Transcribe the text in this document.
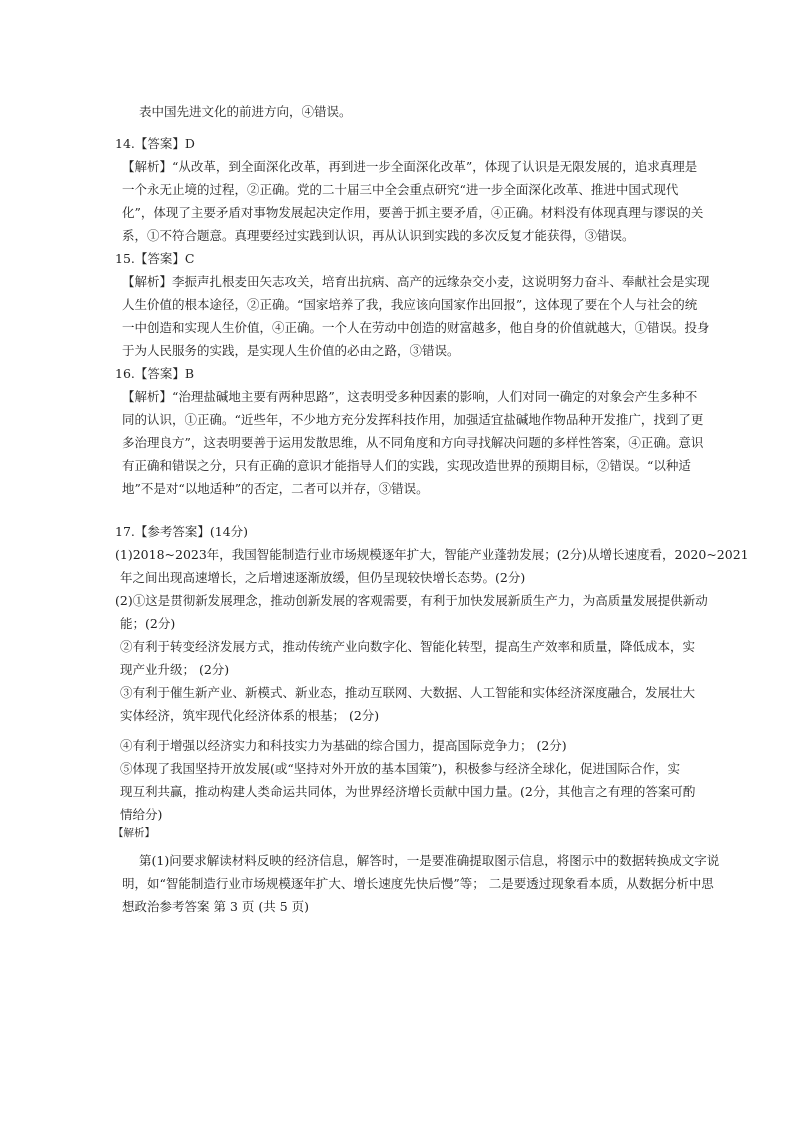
表中国先进文化的前进方向，④错误。
14.【答案】D
【解析】“从改革，到全面深化改革，再到进一步全面深化改革”，体现了认识是无限发展的，追求真理是
一个永无止境的过程，②正确。党的二十届三中全会重点研究“进一步全面深化改革、推进中国式现代
化”，体现了主要矛盾对事物发展起决定作用，要善于抓主要矛盾，④正确。材料没有体现真理与谬误的关
系，①不符合题意。真理要经过实践到认识，再从认识到实践的多次反复才能获得，③错误。
15.【答案】C
【解析】李振声扎根麦田矢志攻关，培育出抗病、高产的远缘杂交小麦，这说明努力奋斗、奉献社会是实现
人生价值的根本途径，②正确。“国家培养了我，我应该向国家作出回报”，这体现了要在个人与社会的统
一中创造和实现人生价值，④正确。一个人在劳动中创造的财富越多，他自身的价值就越大，①错误。投身
于为人民服务的实践，是实现人生价值的必由之路，③错误。
16.【答案】B
【解析】“治理盐碱地主要有两种思路”，这表明受多种因素的影响，人们对同一确定的对象会产生多种不
同的认识，①正确。“近些年，不少地方充分发挥科技作用，加强适宜盐碱地作物品种开发推广，找到了更
多治理良方”，这表明要善于运用发散思维，从不同角度和方向寻找解决问题的多样性答案，④正确。意识
有正确和错误之分，只有正确的意识才能指导人们的实践，实现改造世界的预期目标，②错误。“以种适
地”不是对“以地适种”的否定，二者可以并存，③错误。
17.【参考答案】(14分)
(1)2018~2023年，我国智能制造行业市场规模逐年扩大，智能产业蓬勃发展；(2分)从增长速度看，2020~2021
年之间出现高速增长，之后增速逐渐放缓，但仍呈现较快增长态势。(2分)
(2)①这是贯彻新发展理念，推动创新发展的客观需要，有利于加快发展新质生产力，为高质量发展提供新动
能；(2分)
②有利于转变经济发展方式，推动传统产业向数字化、智能化转型，提高生产效率和质量，降低成本，实
现产业升级； (2分)
③有利于催生新产业、新模式、新业态，推动互联网、大数据、人工智能和实体经济深度融合，发展壮大
实体经济，筑牢现代化经济体系的根基； (2分)
④有利于增强以经济实力和科技实力为基础的综合国力，提高国际竞争力； (2分)
⑤体现了我国坚持开放发展(或“坚持对外开放的基本国策”)，积极参与经济全球化，促进国际合作，实
现互利共赢，推动构建人类命运共同体，为世界经济增长贡献中国力量。(2分，其他言之有理的答案可酌
情给分)
【解析】
第(1)问要求解读材料反映的经济信息，解答时，一是要准确提取图示信息，将图示中的数据转换成文字说
明，如“智能制造行业市场规模逐年扩大、增长速度先快后慢”等； 二是要透过现象看本质，从数据分析中思
想政治参考答案 第 3 页 (共 5 页)
